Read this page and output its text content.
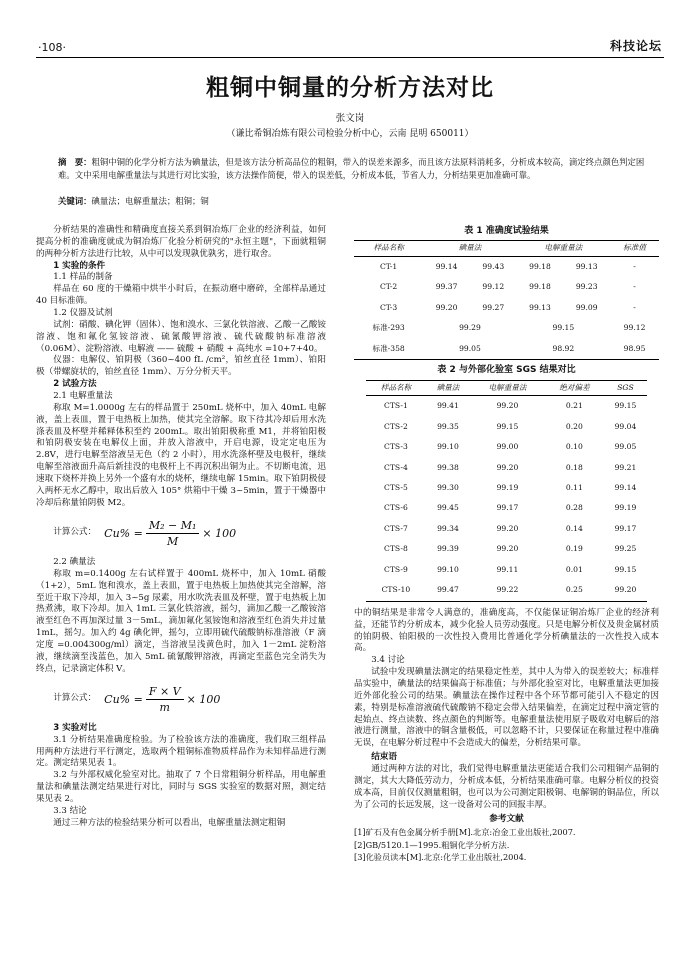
·108·	科技论坛
粗铜中铜量的分析方法对比
张文岗
（谦比希铜冶炼有限公司检验分析中心，云南 昆明 650011）
摘　要：粗铜中铜的化学分析方法为碘量法，但是该方法分析高品位的粗铜，带入的误差来源多，而且该方法原料消耗多，分析成本较高，滴定终点颜色判定困难。文中采用电解重量法与其进行对比实验，该方法操作简便，带入的误差低，分析成本低，节省人力，分析结果更加准确可靠。
关键词：碘量法；电解重量法；粗铜；铜

分析结果的准确性和精确度直接关系到铜冶炼厂企业的经济利益，如何提高分析的准确度就成为铜冶炼厂化验分析研究的"永恒主题"，下面就粗铜的两种分析方法进行比较，从中可以发现孰优孰劣，进行取舍。

1 实验的条件

1.1 样品的制备

样品在 60 度的干燥箱中烘半小时后，在振动磨中磨碎，全部样品通过 40 目标准筛。

1.2 仪器及试剂

试剂：硝酸、碘化钾（固体）、饱和溴水、三氯化铁溶液、乙酸一乙酸铵溶液、饱和氟化氢铵溶液、硫氰酸钾溶液、硫代硫酸钠标准溶液（0.06M）、淀粉溶液、电解液 —— 硫酸 + 硝酸 + 高纯水 =10+7+40。

仪器：电解仪、铂阴极（360~400 fL /cm²，铂丝直径 1mm）、铂阳极（带螺旋状的，铂丝直径 1mm）、万分分析天平。

2 试验方法

2.1 电解重量法

称取 M=1.0000g 左右的样品置于 250mL 烧杯中，加入 40mL 电解液，盖上表皿，置于电热板上加热，使其完全溶解。取下待其冷却后用水洗涤表皿及杯壁并稀释体积至约 200mL。取出铂阳极称重 M1，并将铂阳极和铂阴极安装在电解仪上面，并放入溶液中，开启电源，设定定电压为 2.8V，进行电解至溶液呈无色（约 2 小时），用水洗涤杯壁及电极杆，继续电解至溶液面升高后新挂没的电极杆上不再沉积出铜为止。不切断电流，迅速取下烧杯并换上另外一个盛有水的烧杯，继续电解 15min。取下铂阴极侵入两杯无水乙醇中，取出后放入 105° 烘箱中干燥 3~5min，置于干燥器中冷却后称量铂阴极 M2。

计算公式： $Cu\% = \frac{\text{M₂ − M₁}}{M} \times 100$

2.2 碘量法

称取 m=0.1400g 左右试样置于 400mL 烧杯中，加入 10mL 硝酸（1+2），5mL 饱和溴水，盖上表皿，置于电热板上加热使其完全溶解，溶至近干取下冷却，加入 3~5g 尿素，用水吹洗表皿及杯壁，置于电热板上加热煮沸，取下冷却。加入 1mL 三氯化铁溶液，摇匀，滴加乙酸一乙酸铵溶液至红色不再加深过量 3－5mL，滴加氟化氢铵饱和溶液至红色消失并过量 1mL，摇匀。加入约 4g 碘化钾，摇匀，立即用硫代硫酸钠标准溶液（F 滴定度 =0.004300g/ml）滴定，当溶液呈浅黄色时，加入 1－2mL 淀粉溶液，继续滴至浅蓝色，加入 5mL 硫氰酸钾溶液，再滴定至蓝色完全消失为终点，记录滴定体积 V。

计算公式： $Cu\% = \frac{F \times V}{m} \times 100$

3 实验对比

3.1 分析结果准确度检验。为了检验该方法的准确度，我们取三组样品用两种方法进行平行测定，选取两个粗铜标准物质样品作为未知样品进行测定。测定结果见表 1。

3.2 与外部权威化验室对比。抽取了 7 个日常粗铜分析样品，用电解重量法和碘量法测定结果进行对比，同时与 SGS 实验室的数据对照，测定结果见表 2。

3.3 结论

通过三种方法的检验结果分析可以看出，电解重量法测定粗铜

表 1 准确度试验结果
样品名称	碘量法		电解重量法		标准值
CT-1	99.14	99.43	99.18	99.13	-
CT-2	99.37	99.12	99.18	99.23	-
CT-3	99.20	99.27	99.13	99.09	-
标准-293	99.29		99.15		99.12
标准-358	99.05		98.92		98.95
表 2 与外部化验室 SGS 结果对比
样品名称	碘量法	电解重量法	绝对偏差	SGS
CTS-1	99.41	99.20	0.21	99.15
CTS-2	99.35	99.15	0.20	99.04
CTS-3	99.10	99.00	0.10	99.05
CTS-4	99.38	99.20	0.18	99.21
CTS-5	99.30	99.19	0.11	99.14
CTS-6	99.45	99.17	0.28	99.19
CTS-7	99.34	99.20	0.14	99.17
CTS-8	99.39	99.20	0.19	99.25
CTS-9	99.10	99.11	0.01	99.15
CTS-10	99.47	99.22	0.25	99.20

中的铜结果是非常令人满意的，准确度高，不仅能保证铜冶炼厂企业的经济利益，还能节约分析成本，减少化验人员劳动强度。只是电解分析仪及贵金属材质的铂阴极、铂阳极的一次性投入费用比普通化学分析碘量法的一次性投入成本高。

3.4 讨论

试验中发现碘量法测定的结果稳定性差，其中人为带入的误差较大；标准样品实验中，碘量法的结果偏高于标准值；与外部化验室对比，电解重量法更加接近外部化验公司的结果。碘量法在操作过程中各个环节都可能引入不稳定的因素，特别是标准溶液硫代硫酸钠不稳定会带入结果偏差，在滴定过程中滴定管的起始点、终点读数、终点颜色的判断等。电解重量法使用原子吸收对电解后的溶液进行测量，溶液中的铜含量极低，可以忽略不计，只要保证在称量过程中准确无误，在电解分析过程中不会造成大的偏差，分析结果可靠。

结束语

通过两种方法的对比，我们觉得电解重量法更能适合我们公司粗铜产品铜的测定，其大大降低劳动力，分析成本低，分析结果准确可靠。电解分析仪的投资成本高，目前仅仅测量粗铜，也可以为公司测定阳极铜、电解铜的铜品位，所以为了公司的长远发展，这一设备对公司的回报丰厚。

参考文献
[1]矿石及有色金属分析手册[M].北京:冶金工业出版社,2007.
[2]GB/5120.1—1995.粗铜化学分析方法.
[3]化验员读本[M].北京:化学工业出版社,2004.
